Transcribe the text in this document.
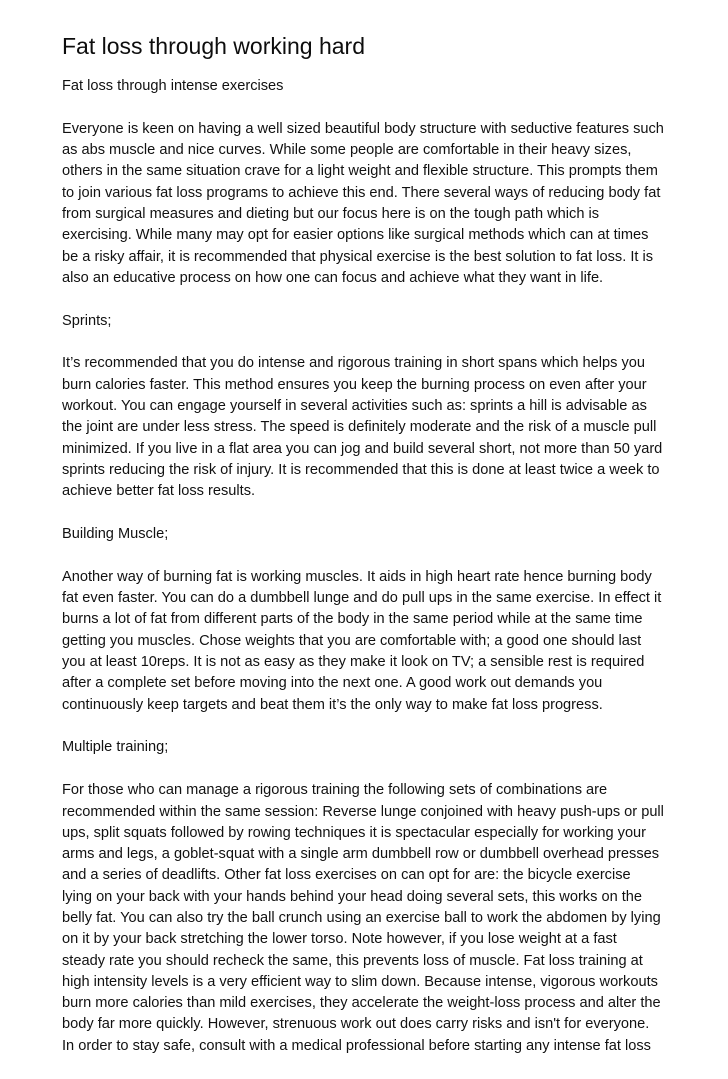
Fat loss through working hard
Fat loss through intense exercises
Everyone is keen on having a well sized beautiful body structure with seductive features such
as abs muscle and nice curves. While some people are comfortable in their heavy sizes,
others in the same situation crave for a light weight and flexible structure. This prompts them
to join various fat loss programs to achieve this end. There several ways of reducing body fat
from surgical measures and dieting but our focus here is on the tough path which is
exercising. While many may opt for easier options like surgical methods which can at times
be a risky affair, it is recommended that physical exercise is the best solution to fat loss. It is
also an educative process on how one can focus and achieve what they want in life.
Sprints;
It’s recommended that you do intense and rigorous training in short spans which helps you
burn calories faster. This method ensures you keep the burning process on even after your
workout. You can engage yourself in several activities such as: sprints a hill is advisable as
the joint are under less stress. The speed is definitely moderate and the risk of a muscle pull
minimized. If you live in a flat area you can jog and build several short, not more than 50 yard
sprints reducing the risk of injury. It is recommended that this is done at least twice a week to
achieve better fat loss results.
Building Muscle;
Another way of burning fat is working muscles. It aids in high heart rate hence burning body
fat even faster. You can do a dumbbell lunge and do pull ups in the same exercise. In effect it
burns a lot of fat from different parts of the body in the same period while at the same time
getting you muscles. Chose weights that you are comfortable with; a good one should last
you at least 10reps. It is not as easy as they make it look on TV; a sensible rest is required
after a complete set before moving into the next one. A good work out demands you
continuously keep targets and beat them it’s the only way to make fat loss progress.
Multiple training;
For those who can manage a rigorous training the following sets of combinations are
recommended within the same session: Reverse lunge conjoined with heavy push-ups or pull
ups, split squats followed by rowing techniques it is spectacular especially for working your
arms and legs, a goblet-squat with a single arm dumbbell row or dumbbell overhead presses
and a series of deadlifts. Other fat loss exercises on can opt for are: the bicycle exercise
lying on your back with your hands behind your head doing several sets, this works on the
belly fat. You can also try the ball crunch using an exercise ball to work the abdomen by lying
on it by your back stretching the lower torso. Note however, if you lose weight at a fast
steady rate you should recheck the same, this prevents loss of muscle. Fat loss training at
high intensity levels is a very efficient way to slim down. Because intense, vigorous workouts
burn more calories than mild exercises, they accelerate the weight-loss process and alter the
body far more quickly. However, strenuous work out does carry risks and isn't for everyone.
In order to stay safe, consult with a medical professional before starting any intense fat loss
